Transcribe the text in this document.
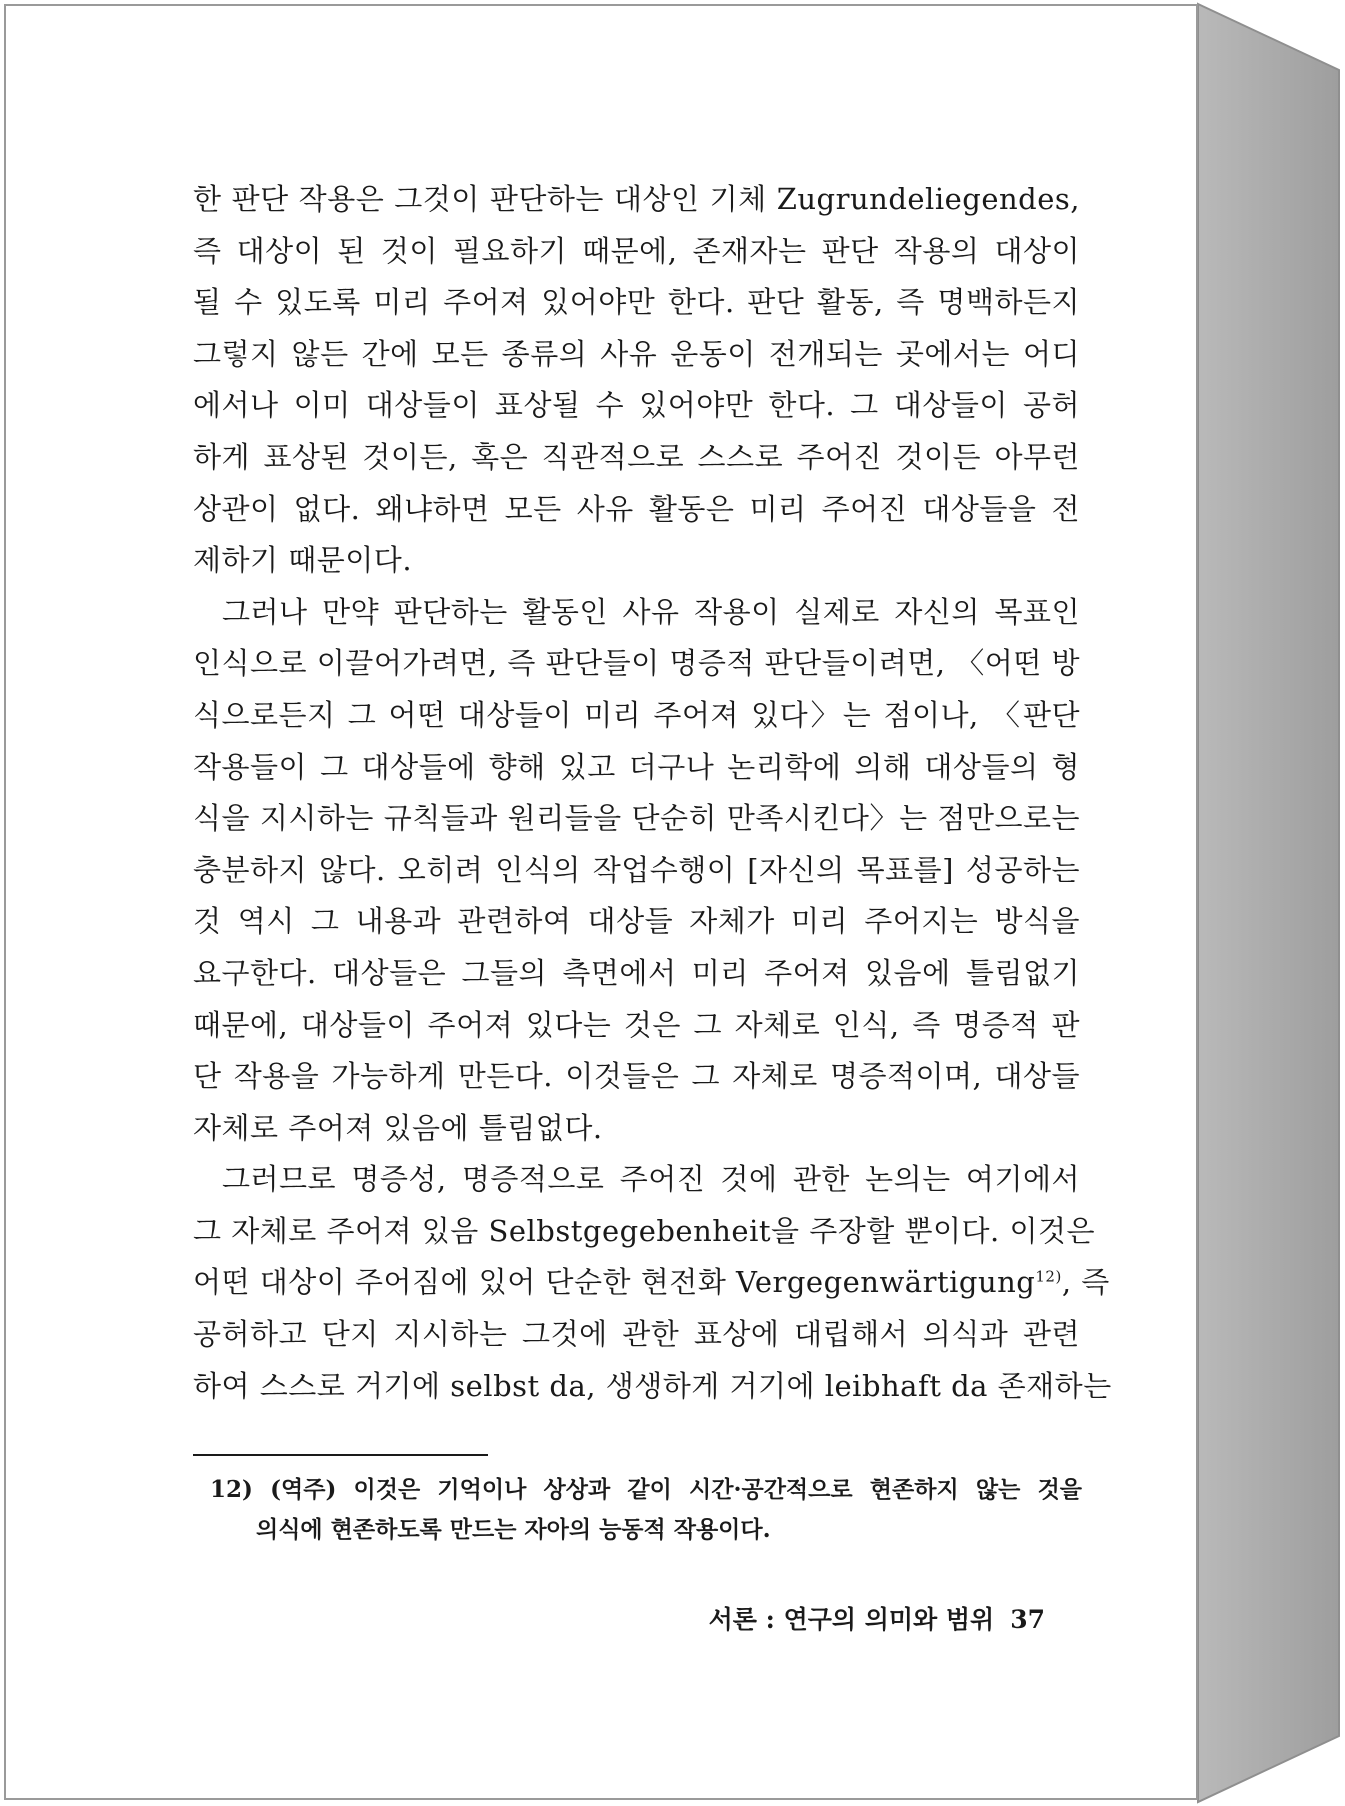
한 판단 작용은 그것이 판단하는 대상인 기체 Zugrundeliegendes,
즉 대상이 된 것이 필요하기 때문에, 존재자는 판단 작용의 대상이
될 수 있도록 미리 주어져 있어야만 한다. 판단 활동, 즉 명백하든지
그렇지 않든 간에 모든 종류의 사유 운동이 전개되는 곳에서는 어디
에서나 이미 대상들이 표상될 수 있어야만 한다. 그 대상들이 공허
하게 표상된 것이든, 혹은 직관적으로 스스로 주어진 것이든 아무런
상관이 없다. 왜냐하면 모든 사유 활동은 미리 주어진 대상들을 전
제하기 때문이다.

그러나 만약 판단하는 활동인 사유 작용이 실제로 자신의 목표인
인식으로 이끌어가려면, 즉 판단들이 명증적 판단들이려면, 〈어떤 방
식으로든지 그 어떤 대상들이 미리 주어져 있다〉는 점이나, 〈판단
작용들이 그 대상들에 향해 있고 더구나 논리학에 의해 대상들의 형
식을 지시하는 규칙들과 원리들을 단순히 만족시킨다〉는 점만으로는
충분하지 않다. 오히려 인식의 작업수행이 [자신의 목표를] 성공하는
것 역시 그 내용과 관련하여 대상들 자체가 미리 주어지는 방식을
요구한다. 대상들은 그들의 측면에서 미리 주어져 있음에 틀림없기
때문에, 대상들이 주어져 있다는 것은 그 자체로 인식, 즉 명증적 판
단 작용을 가능하게 만든다. 이것들은 그 자체로 명증적이며, 대상들
자체로 주어져 있음에 틀림없다.

그러므로 명증성, 명증적으로 주어진 것에 관한 논의는 여기에서
그 자체로 주어져 있음 Selbstgegebenheit을 주장할 뿐이다. 이것은
어떤 대상이 주어짐에 있어 단순한 현전화 Vergegenwärtigung$^{12)}$, 즉
공허하고 단지 지시하는 그것에 관한 표상에 대립해서 의식과 관련
하여 스스로 거기에 selbst da, 생생하게 거기에 leibhaft da 존재하는

12) (역주) 이것은 기억이나 상상과 같이 시간·공간적으로 현존하지 않는 것을
의식에 현존하도록 만드는 자아의 능동적 작용이다.
서론 : 연구의 의미와 범위 37
